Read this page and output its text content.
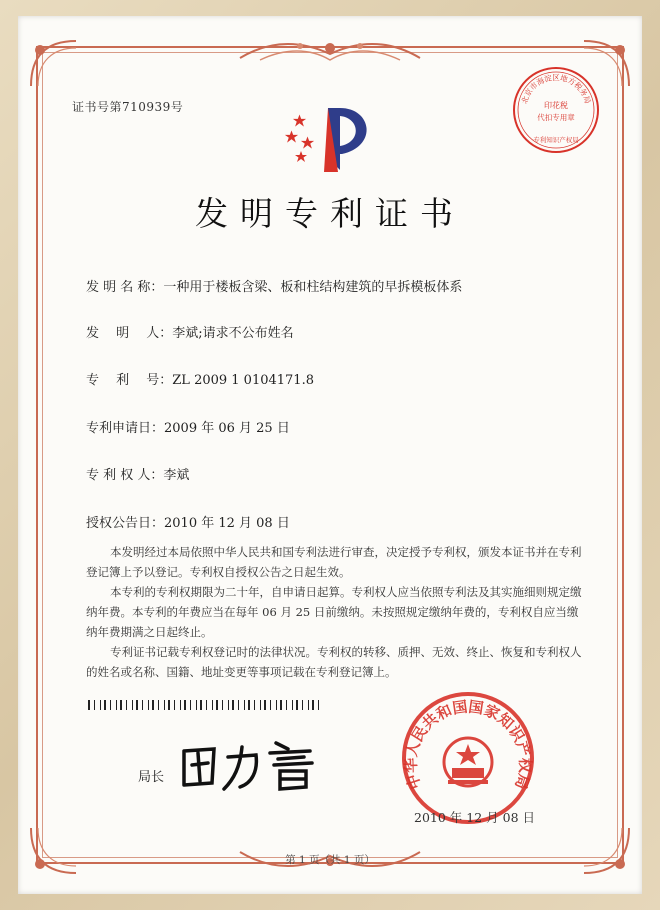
证书号第710939号
北京市海淀区地方税务局
印花税
代扣专用章
专利知识产权局
发明专利证书
发 明 名 称：一种用于楼板含梁、板和柱结构建筑的早拆模板体系
发　 明　 人：李斌;请求不公布姓名
专　 利　 号：ZL 2009 1 0104171.8
专利申请日：2009 年 06 月 25 日
专 利 权 人：李斌
授权公告日：2010 年 12 月 08 日
本发明经过本局依照中华人民共和国专利法进行审查，决定授予专利权，颁发本证书并在专利登记簿上予以登记。专利权自授权公告之日起生效。
本专利的专利权期限为二十年，自申请日起算。专利权人应当依照专利法及其实施细则规定缴纳年费。本专利的年费应当在每年 06 月 25 日前缴纳。未按照规定缴纳年费的，专利权自应当缴纳年费期满之日起终止。
专利证书记载专利权登记时的法律状况。专利权的转移、质押、无效、终止、恢复和专利权人的姓名或名称、国籍、地址变更等事项记载在专利登记簿上。
局长	中华人民共和国国家知识产权局
2010 年 12 月 08 日
第 1 页（共 1 页）
